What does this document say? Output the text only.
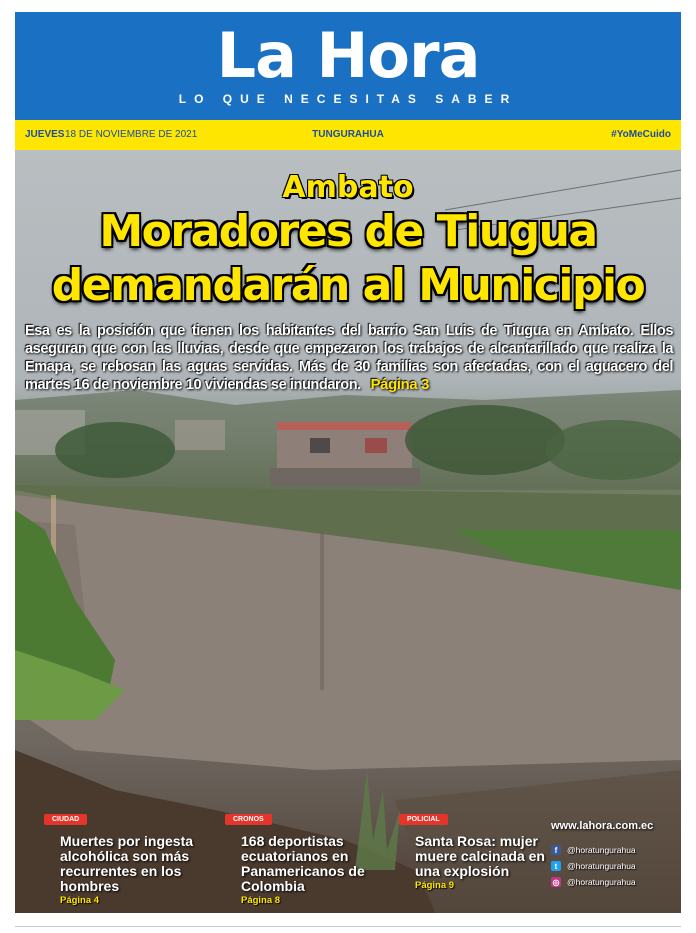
La Hora
LO QUE NECESITAS SABER
JUEVES 18 DE NOVIEMBRE DE 2021	TUNGURAHUA	#YoMeCuido
Ambato
Moradores de Tiugua
demandarán al Municipio
Esa es la posición que tienen los habitantes del barrio San Luis de Tiugua en Ambato. Ellos aseguran que con las lluvias, desde que empezaron los trabajos de alcantarillado que realiza la Emapa, se rebosan las aguas servidas. Más de 30 familias son afectadas, con el aguacero del martes 16 de noviembre 10 viviendas se inundaron. Página 3
CIUDAD
Muertes por ingesta alcohólica son más recurrentes en los hombres
Página 4
CRONOS
168 deportistas ecuatorianos en Panamericanos de Colombia
Página 8
POLICIAL
Santa Rosa: mujer muere calcinada en una explosión
Página 9
www.lahora.com.ec
f	@horatungurahua
t	@horatungurahua
◎ @horatungurahua
